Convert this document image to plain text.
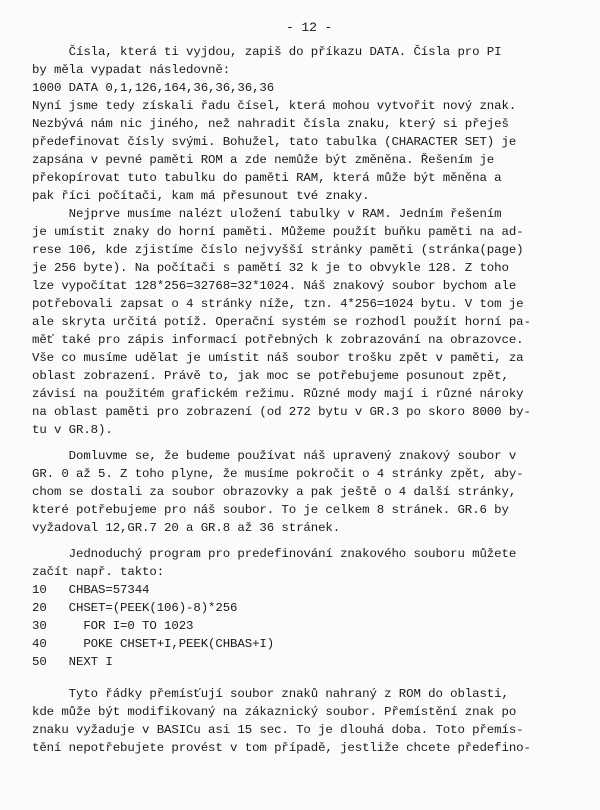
- 12 -
Čísla, která ti vyjdou, zapiš do příkazu DATA. Čísla pro PI
by měla vypadat následovně:
1000 DATA 0,1,126,164,36,36,36,36
Nyní jsme tedy získali řadu čísel, která mohou vytvořit nový znak.
Nezbývá nám nic jiného, než nahradit čísla znaku, který si přeješ
předefinovat čísly svými. Bohužel, tato tabulka (CHARACTER SET) je
zapsána v pevné paměti ROM a zde nemůže být změněna. Řešením je
překopírovat tuto tabulku do paměti RAM, která může být měněna a
pak říci počítači, kam má přesunout tvé znaky.
Nejprve musíme nalézt uložení tabulky v RAM. Jedním řešením
je umístit znaky do horní paměti. Můžeme použít buňku paměti na ad-
rese 106, kde zjistíme číslo nejvyšší stránky paměti (stránka(page)
je 256 byte). Na počítači s pamětí 32 k je to obvykle 128. Z toho
lze vypočítat 128*256=32768=32*1024. Náš znakový soubor bychom ale
potřebovali zapsat o 4 stránky níže, tzn. 4*256=1024 bytu. V tom je
ale skryta určitá potíž. Operační systém se rozhodl použít horní pa-
měť také pro zápis informací potřebných k zobrazování na obrazovce.
Vše co musíme udělat je umístit náš soubor trošku zpět v paměti, za
oblast zobrazení. Právě to, jak moc se potřebujeme posunout zpět,
závisí na použitém grafickém režimu. Různé mody mají i různé nároky
na oblast paměti pro zobrazení (od 272 bytu v GR.3 po skoro 8000 by-
tu v GR.8).
Domluvme se, že budeme používat náš upravený znakový soubor v
GR. 0 až 5. Z toho plyne, že musíme pokročit o 4 stránky zpět, aby-
chom se dostali za soubor obrazovky a pak ještě o 4 další stránky,
které potřebujeme pro náš soubor. To je celkem 8 stránek. GR.6 by
vyžadoval 12,GR.7 20 a GR.8 až 36 stránek.
Jednoduchý program pro predefinování znakového souboru můžete
začít např. takto:
10   CHBAS=57344
20   CHSET=(PEEK(106)-8)*256
30     FOR I=0 TO 1023
40     POKE CHSET+I,PEEK(CHBAS+I)
50   NEXT I
Tyto řádky přemísťují soubor znaků nahraný z ROM do oblasti,
kde může být modifikovaný na zákaznický soubor. Přemístění znak po
znaku vyžaduje v BASICu asi 15 sec. To je dlouhá doba. Toto přemís-
tění nepotřebujete provést v tom případě, jestliže chcete předefino-
